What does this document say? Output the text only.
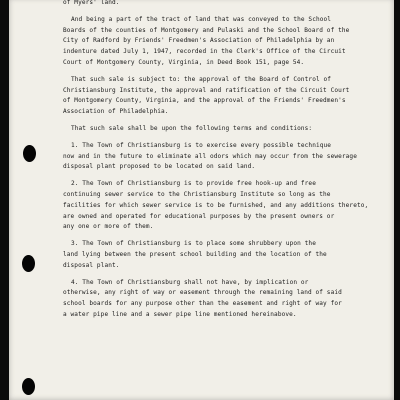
of Myers' land.
And being a part of the tract of land that was conveyed to the School
Boards of the counties of Montgomery and Pulaski and the School Board of the
City of Radford by Friends' Freedmen's Association of Philadelphia by an
indenture dated July 1, 1947, recorded in the Clerk's Office of the Circuit
Court of Montgomery County, Virginia, in Deed Book 151, page 54.
That such sale is subject to: the approval of the Board of Control of
Christiansburg Institute, the approval and ratification of the Circuit Court
of Montgomery County, Virginia, and the approval of the Friends' Freedmen's
Association of Philadelphia.
That such sale shall be upon the following terms and conditions:
1. The Town of Christiansburg is to exercise every possible technique
now and in the future to eliminate all odors which may occur from the sewerage
disposal plant proposed to be located on said land.
2. The Town of Christiansburg is to provide free hook-up and free
continuing sewer service to the Christiansburg Institute so long as the
facilities for which sewer service is to be furnished, and any additions thereto,
are owned and operated for educational purposes by the present owners or
any one or more of them.
3. The Town of Christiansburg is to place some shrubbery upon the
land lying between the present school building and the location of the
disposal plant.
4. The Town of Christiansburg shall not have, by implication or
otherwise, any right of way or easement through the remaining land of said
school boards for any purpose other than the easement and right of way for
a water pipe line and a sewer pipe line mentioned hereinabove.
